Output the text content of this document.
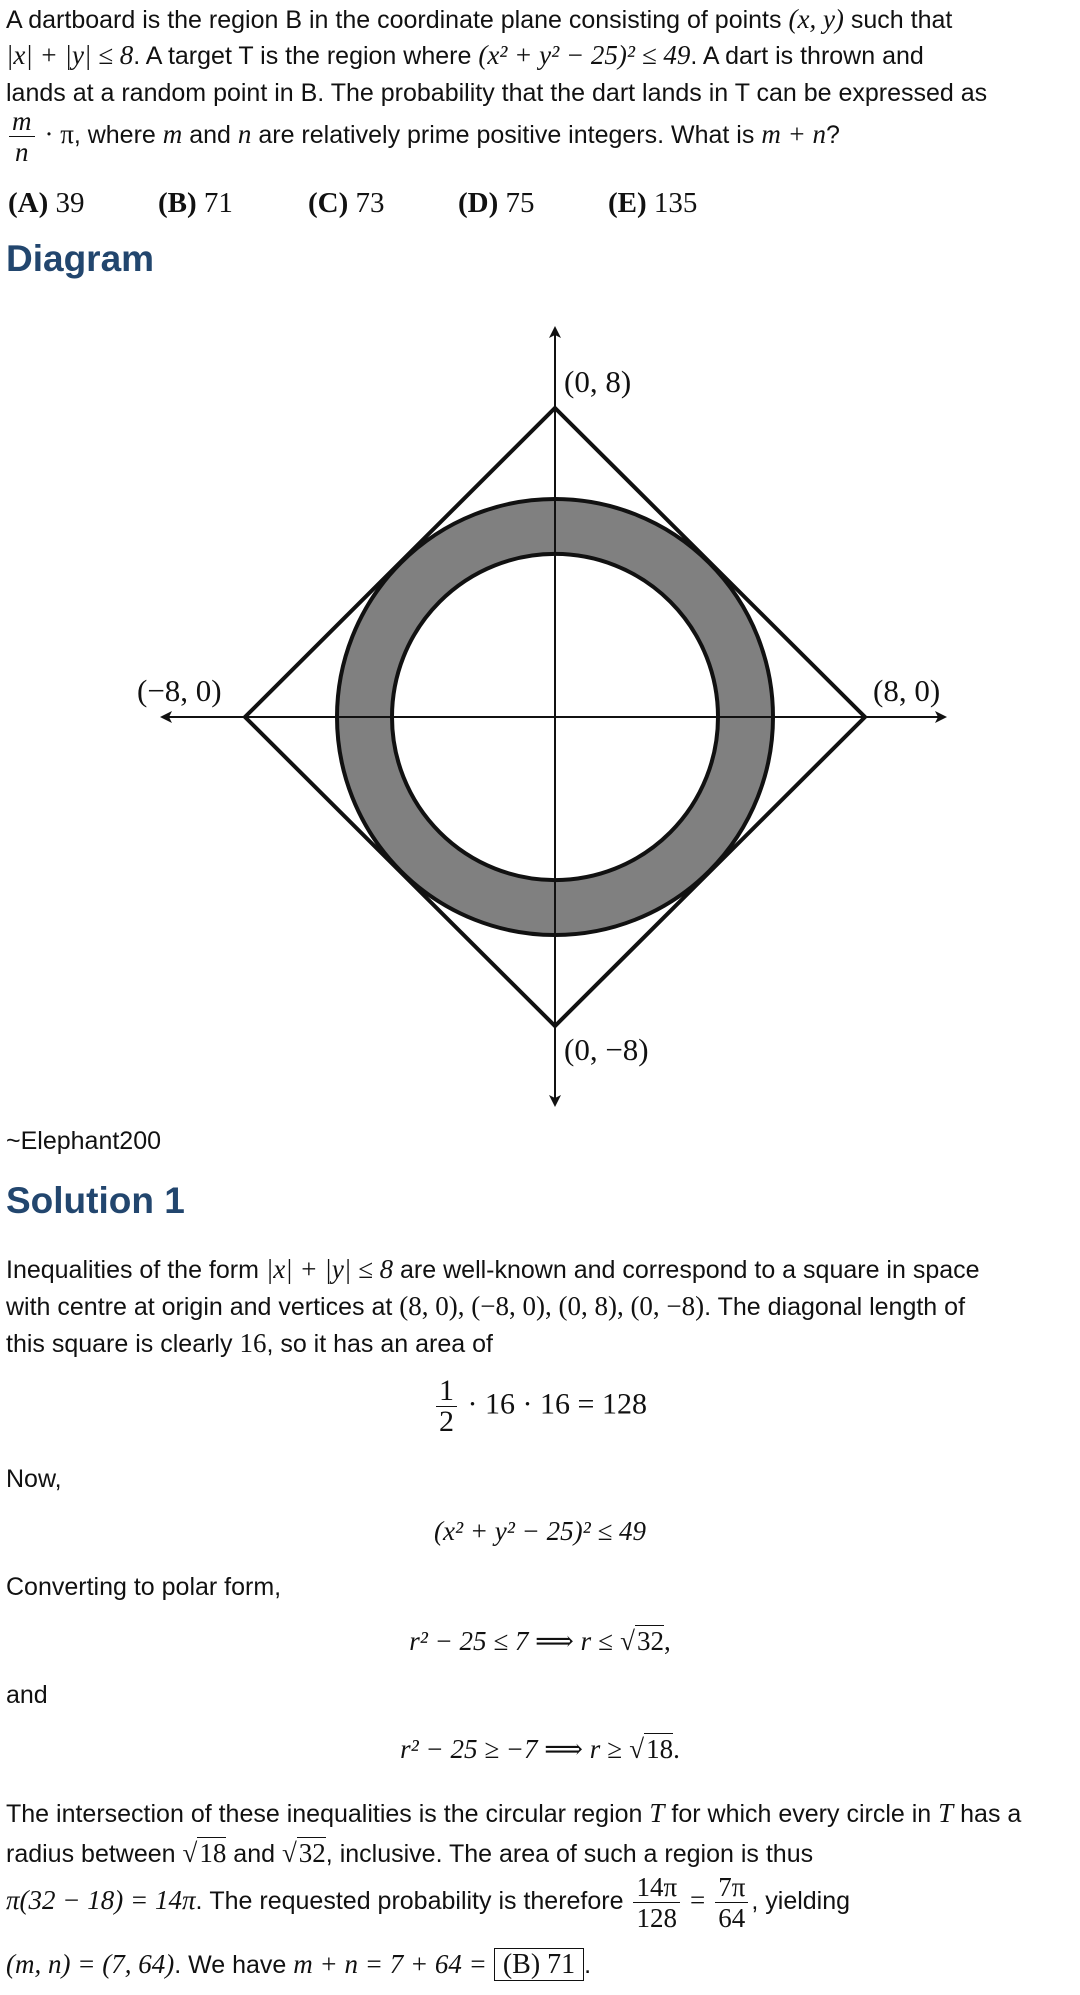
A dartboard is the region B in the coordinate plane consisting of points (x, y) such that
|x| + |y| ≤ 8. A target T is the region where (x² + y² − 25)² ≤ 49. A dart is thrown and
lands at a random point in B. The probability that the dart lands in T can be expressed as
$\frac{m}{n} \cdot \pi$, where m and n are relatively prime positive integers. What is m + n?
(A) 39	(B) 71	(C) 73	(D) 75	(E) 135
Diagram
(0, 8)
(0, −8)
(−8, 0)	(8, 0)
~Elephant200
Solution 1
Inequalities of the form |x| + |y| ≤ 8 are well-known and correspond to a square in space
with centre at origin and vertices at (8, 0), (−8, 0), (0, 8), (0, −8). The diagonal length of
this square is clearly 16, so it has an area of
$\frac{1}{2} \cdot 16 \cdot 16 = 128$
Now,
(x² + y² − 25)² ≤ 49
Converting to polar form,
r² − 25 ≤ 7 ⟹ r ≤ √32,
and
r² − 25 ≥ −7 ⟹ r ≥ √18.
The intersection of these inequalities is the circular region T for which every circle in T has a
radius between √18 and √32, inclusive. The area of such a region is thus
π(32 − 18) = 14π. The requested probability is therefore $\frac{14\pi}{128} = \frac{7\pi}{64}$ , yielding
(m, n) = (7, 64). We have m + n = 7 + 64 = (B) 71 .
